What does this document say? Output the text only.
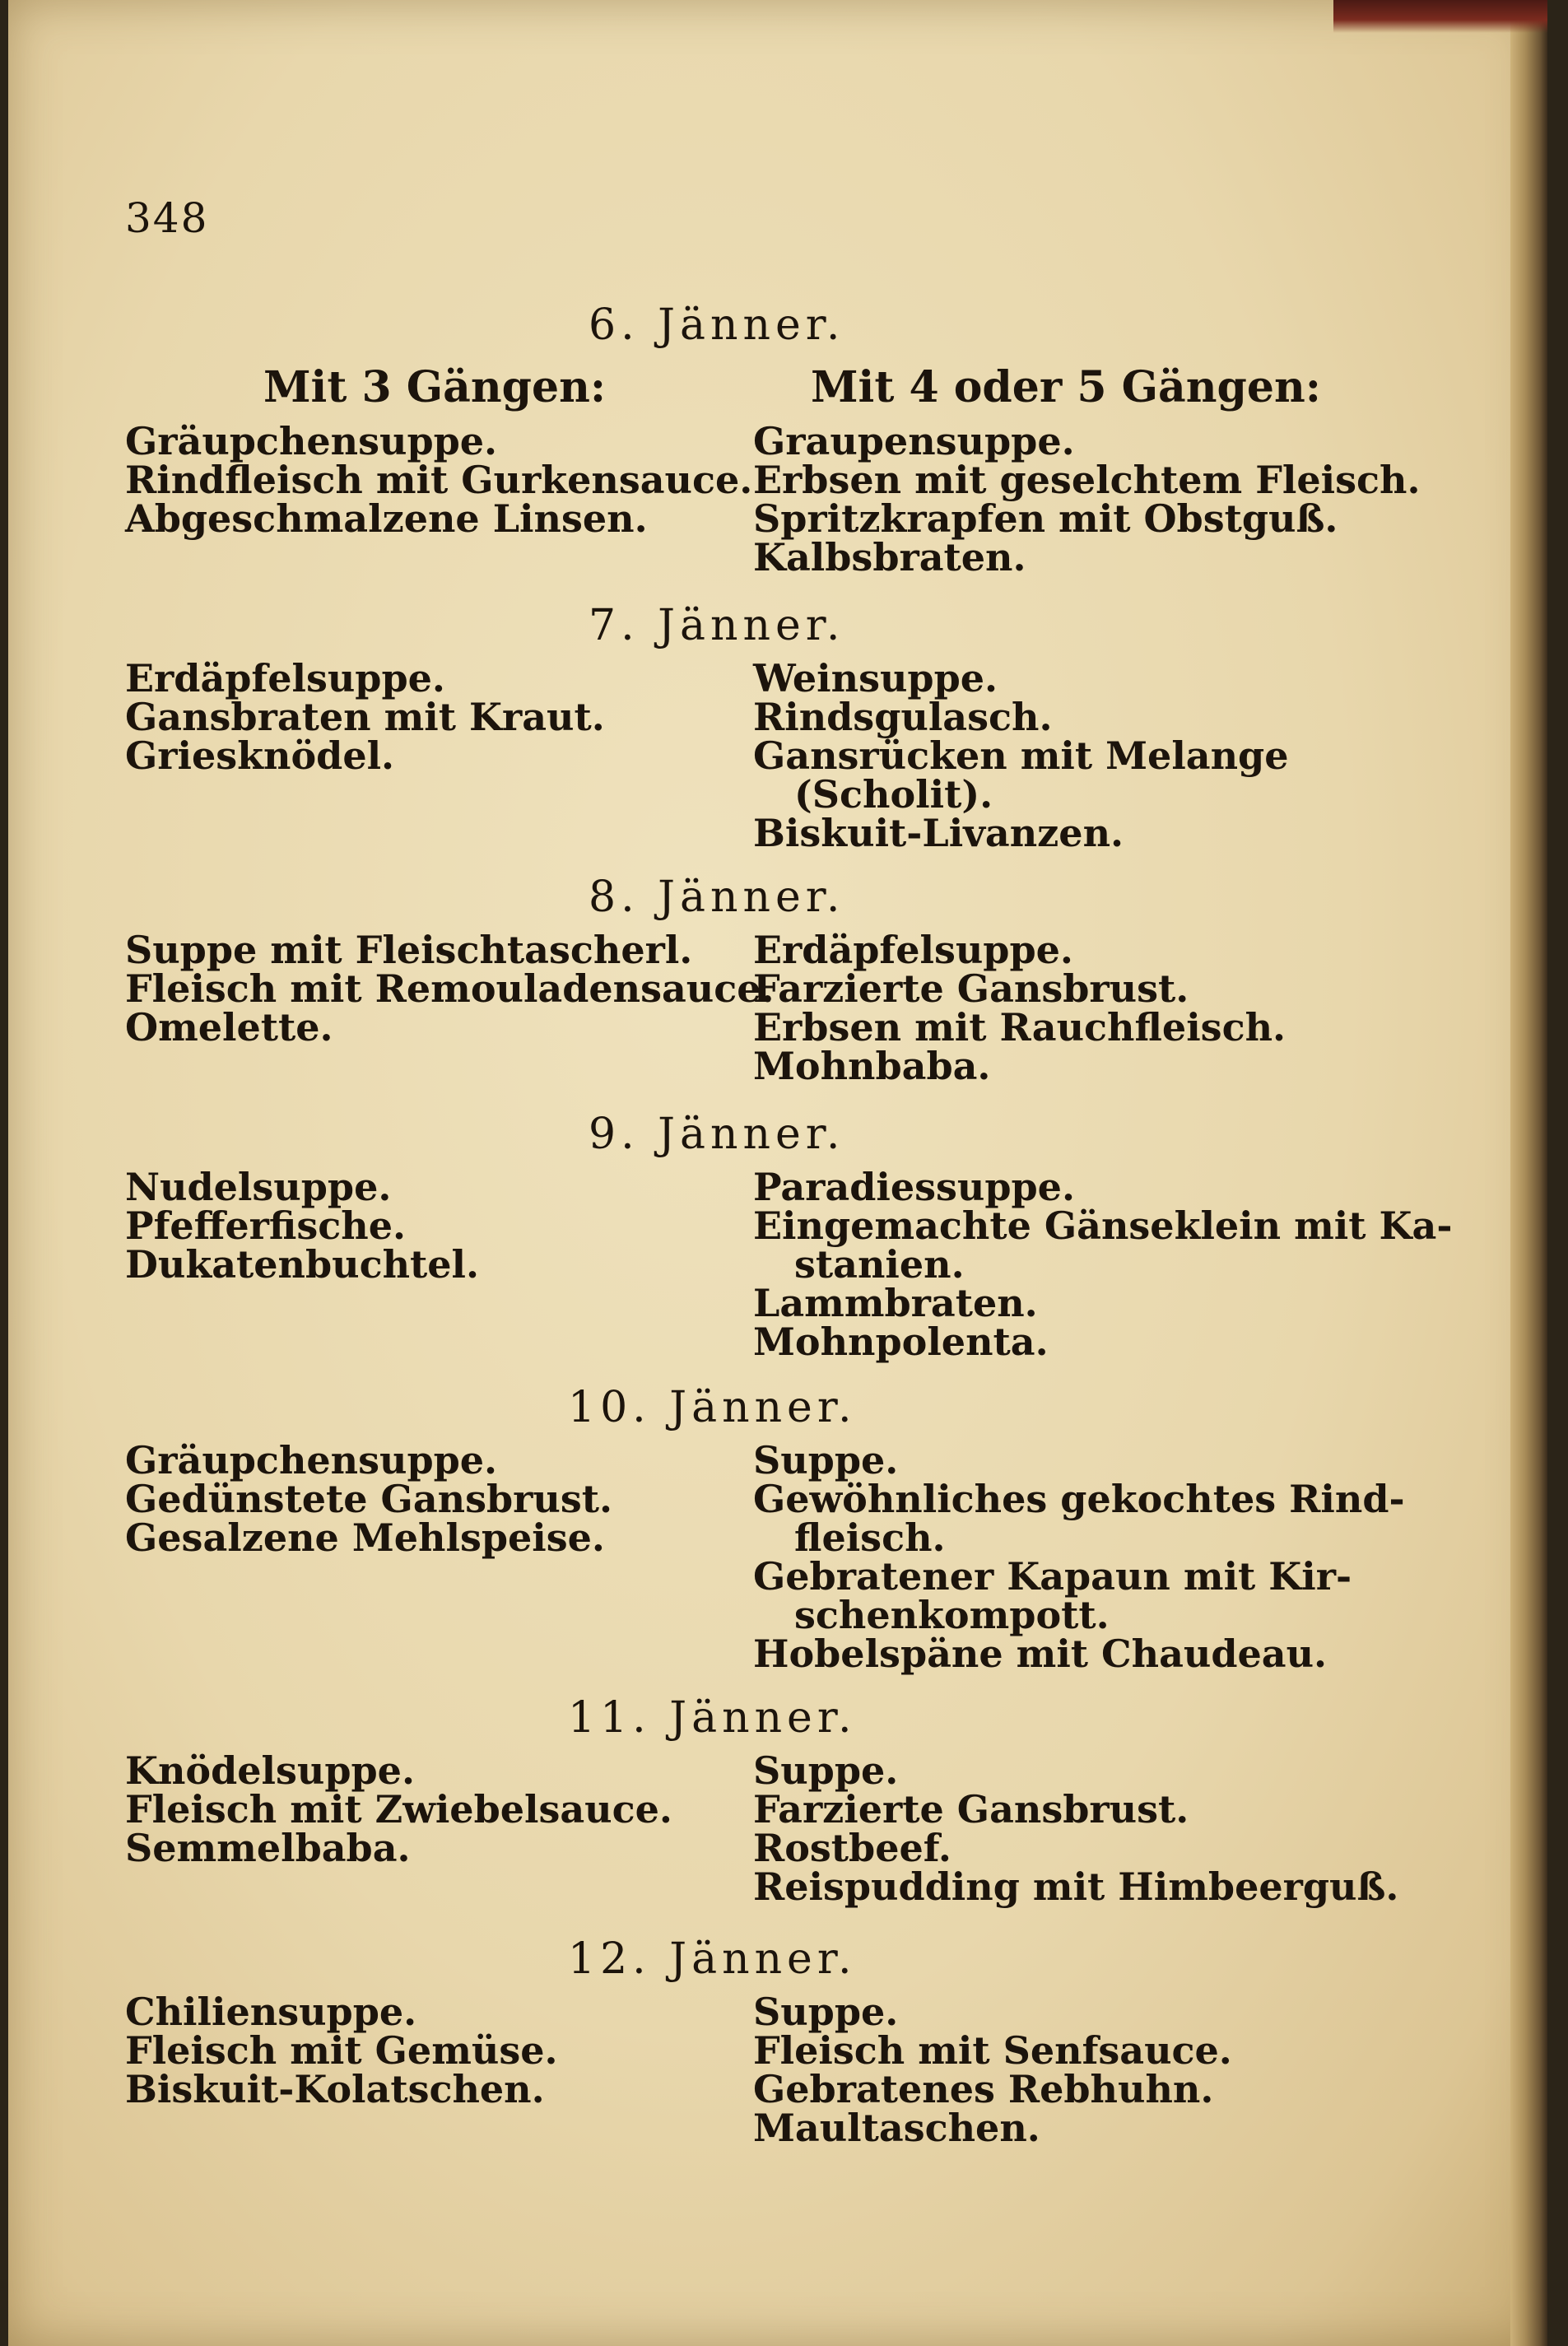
348
Mit 3 Gängen:	Mit 4 oder 5 Gängen:
6. Jänner.
Gräupchensuppe.
Rindfleisch mit Gurkensauce.
Abgeschmalzene Linsen.
Graupensuppe.
Erbsen mit geselchtem Fleisch.
Spritzkrapfen mit Obstguß.
Kalbsbraten.
7. Jänner.
Erdäpfelsuppe.
Gansbraten mit Kraut.
Griesknödel.
Weinsuppe.
Rindsgulasch.
Gansrücken mit Melange
(Scholit).
Biskuit-Livanzen.
8. Jänner.
Suppe mit Fleischtascherl.
Fleisch mit Remouladensauce.
Omelette.
Erdäpfelsuppe.
Farzierte Gansbrust.
Erbsen mit Rauchfleisch.
Mohnbaba.
9. Jänner.
Nudelsuppe.
Pfefferfische.
Dukatenbuchtel.
Paradiessuppe.
Eingemachte Gänseklein mit Ka-
stanien.
Lammbraten.
Mohnpolenta.
10. Jänner.
Gräupchensuppe.
Gedünstete Gansbrust.
Gesalzene Mehlspeise.
Suppe.
Gewöhnliches gekochtes Rind-
fleisch.
Gebratener Kapaun mit Kir-
schenkompott.
Hobelspäne mit Chaudeau.
11. Jänner.
Knödelsuppe.
Fleisch mit Zwiebelsauce.
Semmelbaba.
Suppe.
Farzierte Gansbrust.
Rostbeef.
Reispudding mit Himbeerguß.
12. Jänner.
Chiliensuppe.
Fleisch mit Gemüse.
Biskuit-Kolatschen.
Suppe.
Fleisch mit Senfsauce.
Gebratenes Rebhuhn.
Maultaschen.
